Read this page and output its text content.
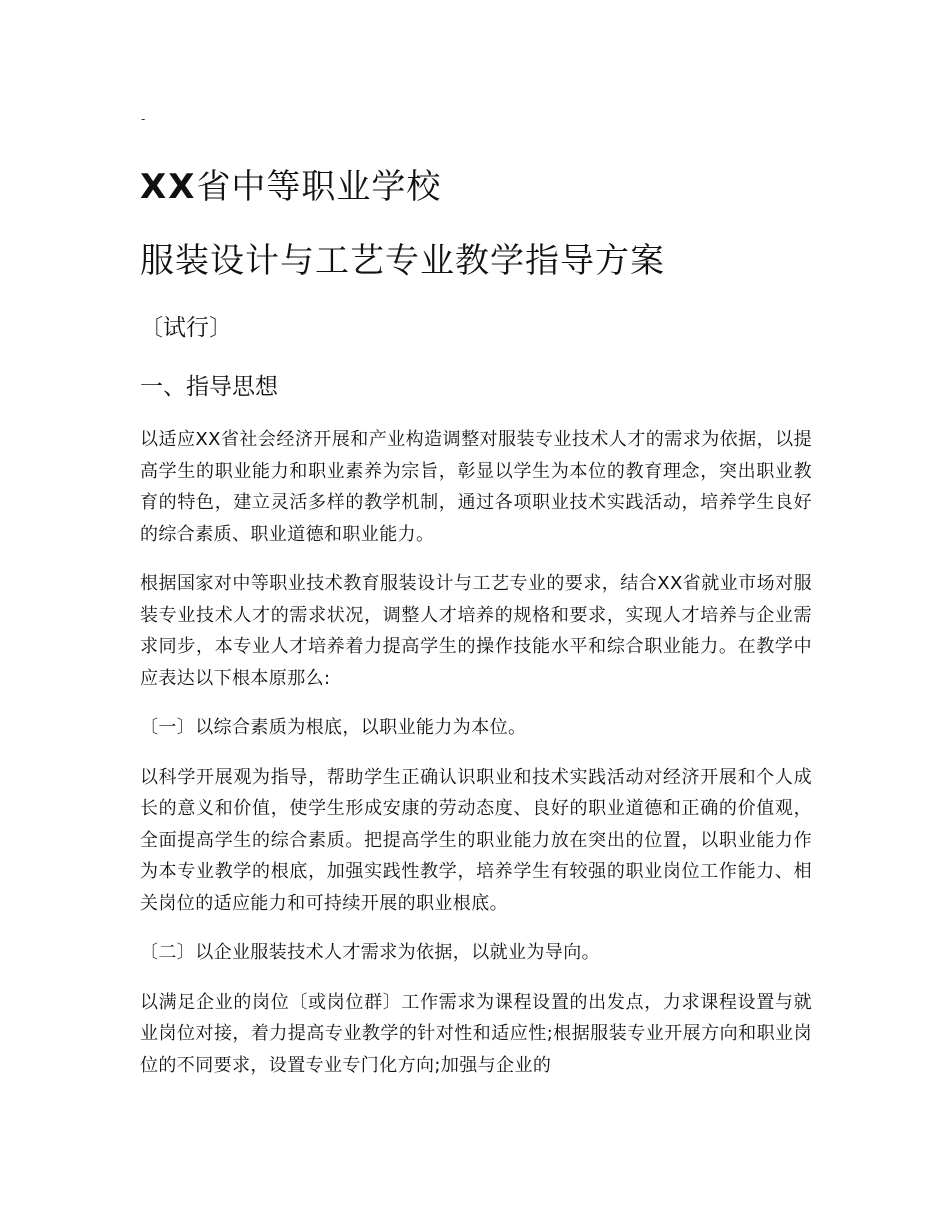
-
XX省中等职业学校
服装设计与工艺专业教学指导方案
〔试行〕
一、指导思想

以适应XX省社会经济开展和产业构造调整对服装专业技术人才的需求为依据，以提高学生的职业能力和职业素养为宗旨，彰显以学生为本位的教育理念，突出职业教育的特色，建立灵活多样的教学机制，通过各项职业技术实践活动，培养学生良好的综合素质、职业道德和职业能力。

根据国家对中等职业技术教育服装设计与工艺专业的要求，结合XX省就业市场对服装专业技术人才的需求状况，调整人才培养的规格和要求，实现人才培养与企业需求同步，本专业人才培养着力提高学生的操作技能水平和综合职业能力。在教学中应表达以下根本原那么:

〔一〕以综合素质为根底，以职业能力为本位。

以科学开展观为指导，帮助学生正确认识职业和技术实践活动对经济开展和个人成长的意义和价值，使学生形成安康的劳动态度、良好的职业道德和正确的价值观，全面提高学生的综合素质。把提高学生的职业能力放在突出的位置，以职业能力作为本专业教学的根底，加强实践性教学，培养学生有较强的职业岗位工作能力、相关岗位的适应能力和可持续开展的职业根底。

〔二〕以企业服装技术人才需求为依据，以就业为导向。

以满足企业的岗位〔或岗位群〕工作需求为课程设置的出发点，力求课程设置与就业岗位对接，着力提高专业教学的针对性和适应性;根据服装专业开展方向和职业岗位的不同要求，设置专业专门化方向;加强与企业的
